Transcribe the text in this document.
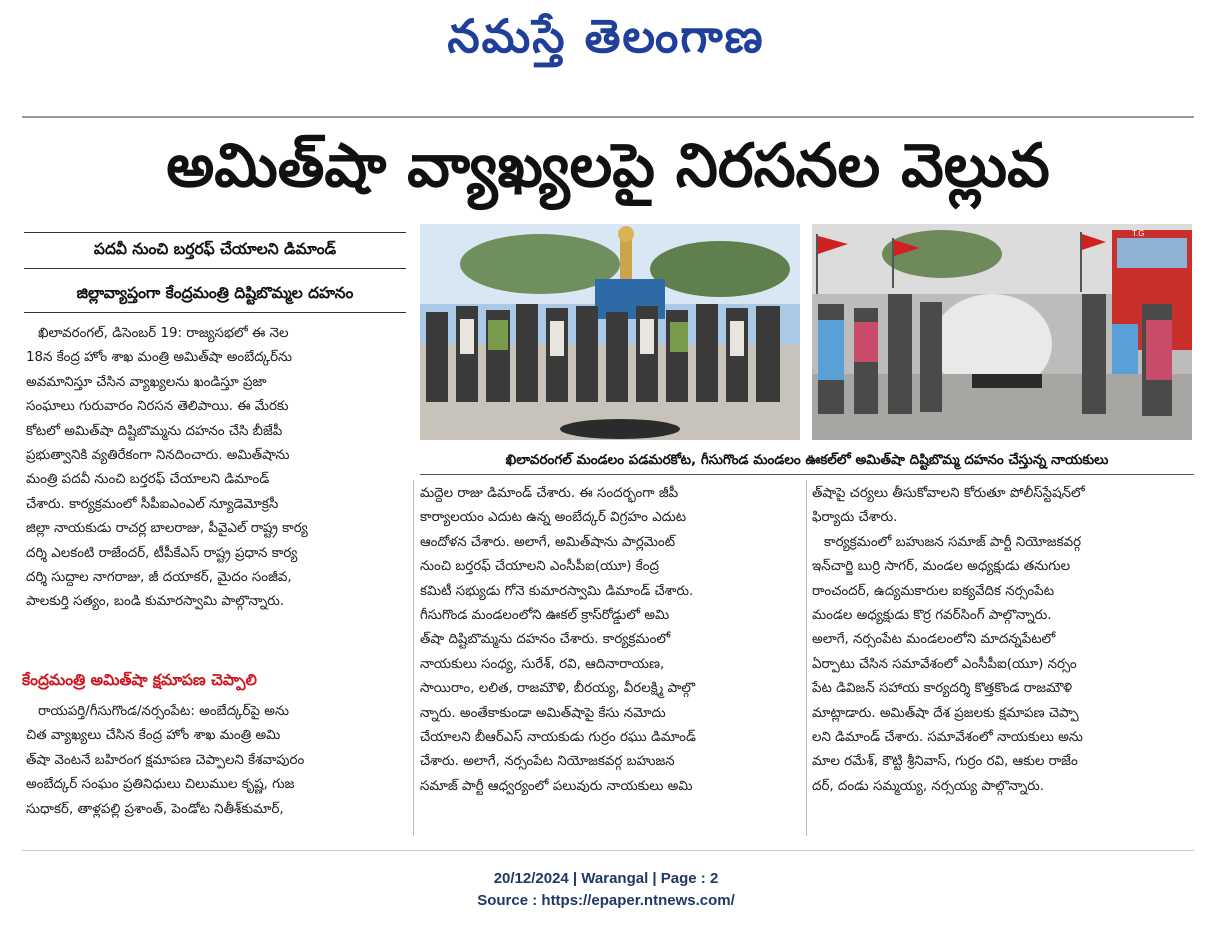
నమస్తే తెలంగాణ
అమిత్‌షా వ్యాఖ్యలపై నిరసనల వెల్లువ
పదవీ నుంచి బర్తరఫ్‌ చేయాలని డిమాండ్‌
జిల్లావ్యాప్తంగా కేంద్రమంత్రి దిష్టిబొమ్మల దహనం

ఖిలావరంగల్‌, డిసెంబర్‌ 19: రాజ్యసభలో ఈ నెల

18న కేంద్ర హోం శాఖ మంత్రి అమిత్‌షా అంబేద్కర్‌ను

అవమానిస్తూ చేసిన వ్యాఖ్యలను ఖండిస్తూ ప్రజా

సంఘాలు గురువారం నిరసన తెలిపాయి. ఈ మేరకు

కోటలో అమిత్‌షా దిష్టిబొమ్మను దహనం చేసి బీజేపీ

ప్రభుత్వానికి వ్యతిరేకంగా నినదించారు. అమిత్‌షాను

మంత్రి పదవీ నుంచి బర్తరఫ్‌ చేయాలని డిమాండ్‌

చేశారు. కార్యక్రమంలో సీపీఐఎంఎల్‌ న్యూడెమోక్రసీ

జిల్లా నాయకుడు రాచర్ల బాలరాజు, పీవైఎల్‌ రాష్ట్ర కార్య

దర్శి ఎలకంటి రాజేందర్‌, టీపీకేఎస్‌ రాష్ట్ర ప్రధాన కార్య

దర్శి సుద్దాల నాగరాజు, జీ దయాకర్‌, మైదం సంజీవ,

పాలకుర్తి సత్యం, బండి కుమారస్వామి పాల్గొన్నారు.

కేంద్రమంత్రి అమిత్‌షా క్షమాపణ చెప్పాలి

రాయపర్తి/గీసుగొండ/నర్సంపేట: అంబేద్కర్‌పై అను

చిత వ్యాఖ్యలు చేసిన కేంద్ర హోం శాఖ మంత్రి అమి

త్‌షా వెంటనే బహిరంగ క్షమాపణ చెప్పాలని కేశవాపురం

అంబేద్కర్‌ సంఘం ప్రతినిధులు చిలుముల కృష్ణ, గుజ

సుధాకర్‌, తాళ్లపల్లి ప్రశాంత్‌, పెండోట నితీశ్‌కుమార్‌,

T.G
ఖిలావరంగల్‌ మండలం పడమరకోట, గీసుగొండ మండలం ఊకల్‌లో అమిత్‌షా దిష్టిబొమ్మ దహనం చేస్తున్న నాయకులు

మద్దెల రాజు డిమాండ్‌ చేశారు. ఈ సందర్భంగా జీపీ

కార్యాలయం ఎదుట ఉన్న అంబేద్కర్‌ విగ్రహం ఎదుట

ఆందోళన చేశారు. అలాగే, అమిత్‌షాను పార్లమెంట్‌

నుంచి బర్తరఫ్‌ చేయాలని ఎంసీపీఐ(యూ) కేంద్ర

కమిటీ సభ్యుడు గోనె కుమారస్వామి డిమాండ్‌ చేశారు.

గీసుగొండ మండలంలోని ఊకల్‌ క్రాస్‌రోడ్డులో అమి

త్‌షా దిష్టిబొమ్మను దహనం చేశారు. కార్యక్రమంలో

నాయకులు సంధ్య, సురేశ్‌, రవి, ఆదినారాయణ,

సాయిరాం, లలిత, రాజమౌళి, బీరయ్య, వీరలక్ష్మి పాల్గొ

న్నారు. అంతేకాకుండా అమిత్‌షాపై కేసు నమోదు

చేయాలని బీఆర్‌ఎస్‌ నాయకుడు గుర్రం రఘు డిమాండ్‌

చేశారు. అలాగే, నర్సంపేట నియోజకవర్గ బహుజన

సమాజ్‌ పార్టీ ఆధ్వర్యంలో పలువురు నాయకులు అమి

త్‌షాపై చర్యలు తీసుకోవాలని కోరుతూ పోలీస్‌స్టేషన్‌లో

ఫిర్యాదు చేశారు.

కార్యక్రమంలో బహుజన సమాజ్‌ పార్టీ నియోజకవర్గ

ఇన్‌చార్జి బుర్రి సాగర్‌, మండల అధ్యక్షుడు తనుగుల

రాంచందర్‌, ఉద్యమకారుల ఐక్యవేదిక నర్సంపేట

మండల అధ్యక్షుడు కొర్ర గవర్‌సింగ్‌ పాల్గొన్నారు.

అలాగే, నర్సంపేట మండలంలోని మాదన్నపేటలో

ఏర్పాటు చేసిన సమావేశంలో ఎంసీపీఐ(యూ) నర్సం

పేట డివిజన్‌ సహాయ కార్యదర్శి కొత్తకొండ రాజమౌళి

మాట్లాడారు. అమిత్‌షా దేశ ప్రజలకు క్షమాపణ చెప్పా

లని డిమాండ్‌ చేశారు. సమావేశంలో నాయకులు అను

మాల రమేశ్‌, కౌట్టి శ్రీనివాస్‌, గుర్రం రవి, ఆకుల రాజేం

దర్‌, దండు సమ్మయ్య, నర్సయ్య పాల్గొన్నారు.

20/12/2024 | Warangal | Page : 2
Source : https://epaper.ntnews.com/
